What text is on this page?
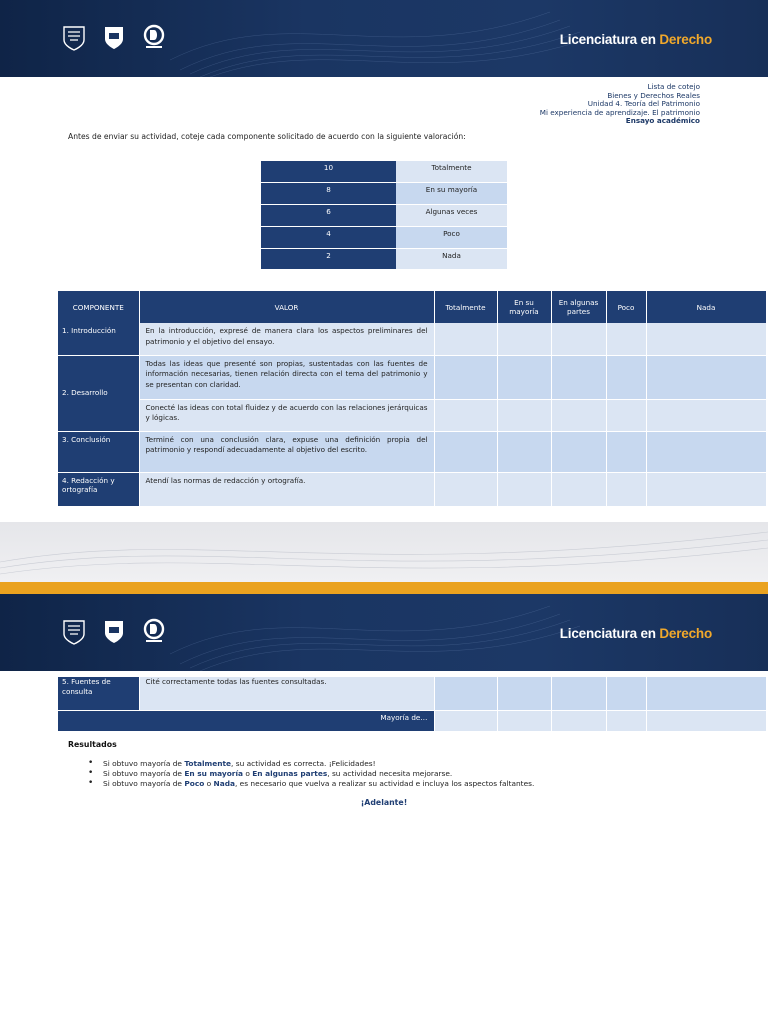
Licenciatura en Derecho
Lista de cotejo
Bienes y Derechos Reales
Unidad 4. Teoría del Patrimonio
Mi experiencia de aprendizaje. El patrimonio
Ensayo académico
Antes de enviar su actividad, coteje cada componente solicitado de acuerdo con la siguiente valoración:
10	Totalmente
8	En su mayoría
6	Algunas veces
4	Poco
2	Nada
COMPONENTE	VALOR	Totalmente	En su mayoría	En algunas partes	Poco	Nada
1. Introducción	En la introducción, expresé de manera clara los aspectos preliminares del patrimonio y el objetivo del ensayo.					
2. Desarrollo	Todas las ideas que presenté son propias, sustentadas con las fuentes de información necesarias, tienen relación directa con el tema del patrimonio y se presentan con claridad.					
	Conecté las ideas con total fluidez y de acuerdo con las relaciones jerárquicas y lógicas.					
3. Conclusión	Terminé con una conclusión clara, expuse una definición propia del patrimonio y respondí adecuadamente al objetivo del escrito.					
4. Redacción y ortografía	Atendí las normas de redacción y ortografía.					
Licenciatura en Derecho
5. Fuentes de consulta	Cité correctamente todas las fuentes consultadas.					
Mayoría de…						
Resultados
• Si obtuvo mayoría de Totalmente, su actividad es correcta. ¡Felicidades!
• Si obtuvo mayoría de En su mayoría o En algunas partes, su actividad necesita mejorarse.
• Si obtuvo mayoría de Poco o Nada, es necesario que vuelva a realizar su actividad e incluya los aspectos faltantes.
¡Adelante!
